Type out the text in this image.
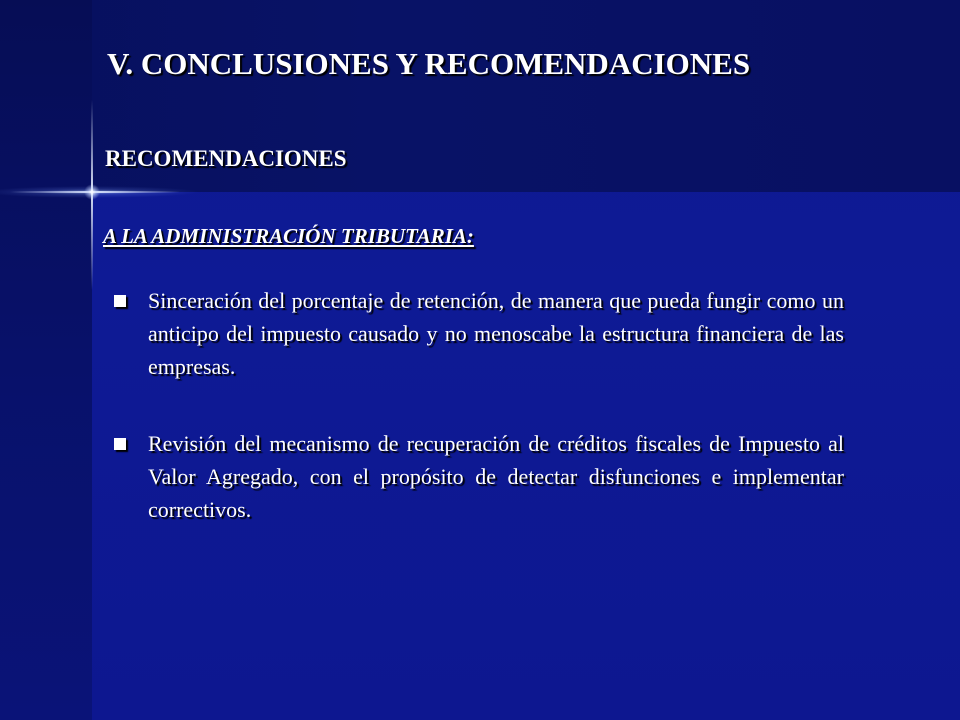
V. CONCLUSIONES Y RECOMENDACIONES
RECOMENDACIONES
A LA ADMINISTRACIÓN TRIBUTARIA:
Sinceración del porcentaje de retención, de manera que pueda fungir como un anticipo del impuesto causado y no menoscabe la estructura financiera de las empresas.
Revisión del mecanismo de recuperación de créditos fiscales de Impuesto al Valor Agregado, con el propósito de detectar disfunciones e implementar correctivos.
